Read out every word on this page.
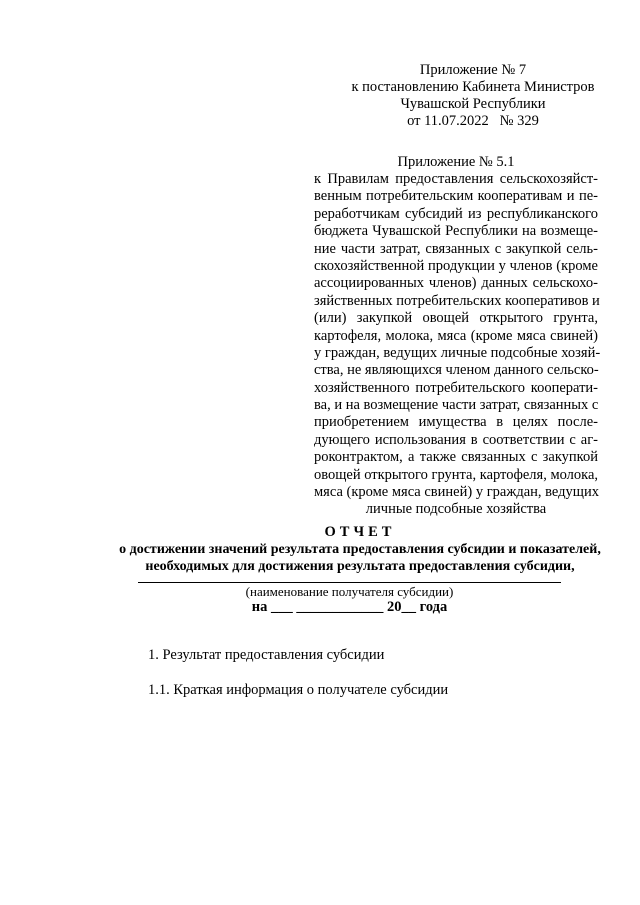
Приложение № 7
к постановлению Кабинета Министров
Чувашской Республики
от 11.07.2022   № 329
Приложение № 5.1
к Правилам предоставления сельскохозяйст-
венным потребительским кооперативам и пе-
реработчикам субсидий из республиканского
бюджета Чувашской Республики на возмеще-
ние части затрат, связанных с закупкой сель-
скохозяйственной продукции у членов (кроме
ассоциированных членов) данных сельскохо-
зяйственных потребительских кооперативов и
(или) закупкой овощей открытого грунта,
картофеля, молока, мяса (кроме мяса свиней)
у граждан, ведущих личные подсобные хозяй-
ства, не являющихся членом данного сельско-
хозяйственного потребительского кооперати-
ва, и на возмещение части затрат, связанных с
приобретением имущества в целях после-
дующего использования в соответствии с аг-
роконтрактом, а также связанных с закупкой
овощей открытого грунта, картофеля, молока,
мяса (кроме мяса свиней) у граждан, ведущих
личные подсобные хозяйства
ОТЧЕТ
о достижении значений результата предоставления субсидии и показателей,
необходимых для достижения результата предоставления субсидии,
(наименование получателя субсидии)
на ___ ____________ 20__ года
1. Результат предоставления субсидии
1.1. Краткая информация о получателе субсидии
